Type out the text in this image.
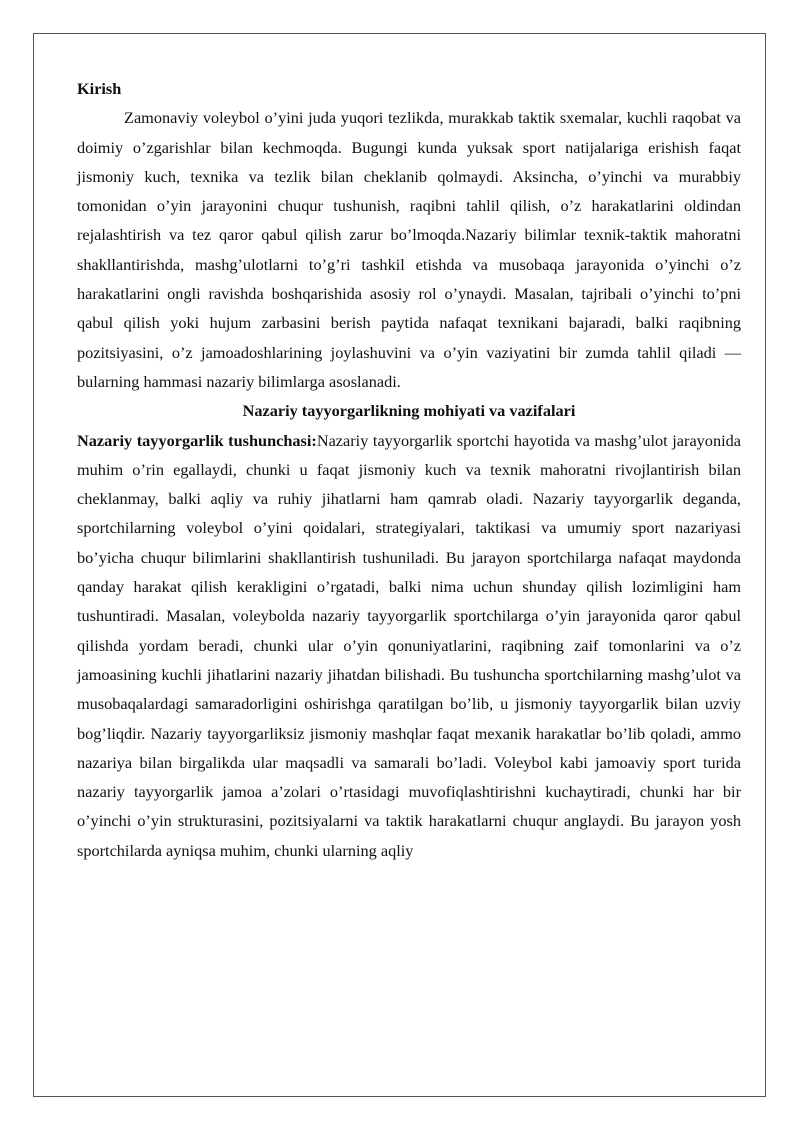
Kirish

Zamonaviy voleybol o’yini juda yuqori tezlikda, murakkab taktik sxemalar, kuchli raqobat va doimiy o’zgarishlar bilan kechmoqda. Bugungi kunda yuksak sport natijalariga erishish faqat jismoniy kuch, texnika va tezlik bilan cheklanib qolmaydi. Aksincha, o’yinchi va murabbiy tomonidan o’yin jarayonini chuqur tushunish, raqibni tahlil qilish, o’z harakatlarini oldindan rejalashtirish va tez qaror qabul qilish zarur bo’lmoqda.Nazariy bilimlar texnik-taktik mahoratni shakllantirishda, mashg’ulotlarni to’g’ri tashkil etishda va musobaqa jarayonida o’yinchi o’z harakatlarini ongli ravishda boshqarishida asosiy rol o’ynaydi. Masalan, tajribali o’yinchi to’pni qabul qilish yoki hujum zarbasini berish paytida nafaqat texnikani bajaradi, balki raqibning pozitsiyasini, o’z jamoadoshlarining joylashuvini va o’yin vaziyatini bir zumda tahlil qiladi — bularning hammasi nazariy bilimlarga asoslanadi.

Nazariy tayyorgarlikning mohiyati va vazifalari

Nazariy tayyorgarlik tushunchasi:Nazariy tayyorgarlik sportchi hayotida va mashg’ulot jarayonida muhim o’rin egallaydi, chunki u faqat jismoniy kuch va texnik mahoratni rivojlantirish bilan cheklanmay, balki aqliy va ruhiy jihatlarni ham qamrab oladi. Nazariy tayyorgarlik deganda, sportchilarning voleybol o’yini qoidalari, strategiyalari, taktikasi va umumiy sport nazariyasi bo’yicha chuqur bilimlarini shakllantirish tushuniladi. Bu jarayon sportchilarga nafaqat maydonda qanday harakat qilish kerakligini o’rgatadi, balki nima uchun shunday qilish lozimligini ham tushuntiradi. Masalan, voleybolda nazariy tayyorgarlik sportchilarga o’yin jarayonida qaror qabul qilishda yordam beradi, chunki ular o’yin qonuniyatlarini, raqibning zaif tomonlarini va o’z jamoasining kuchli jihatlarini nazariy jihatdan bilishadi. Bu tushuncha sportchilarning mashg’ulot va musobaqalardagi samaradorligini oshirishga qaratilgan bo’lib, u jismoniy tayyorgarlik bilan uzviy bog’liqdir. Nazariy tayyorgarliksiz jismoniy mashqlar faqat mexanik harakatlar bo’lib qoladi, ammo nazariya bilan birgalikda ular maqsadli va samarali bo’ladi. Voleybol kabi jamoaviy sport turida nazariy tayyorgarlik jamoa a’zolari o’rtasidagi muvofiqlashtirishni kuchaytiradi, chunki har bir o’yinchi o’yin strukturasini, pozitsiyalarni va taktik harakatlarni chuqur anglaydi. Bu jarayon yosh sportchilarda ayniqsa muhim, chunki ularning aqliy
